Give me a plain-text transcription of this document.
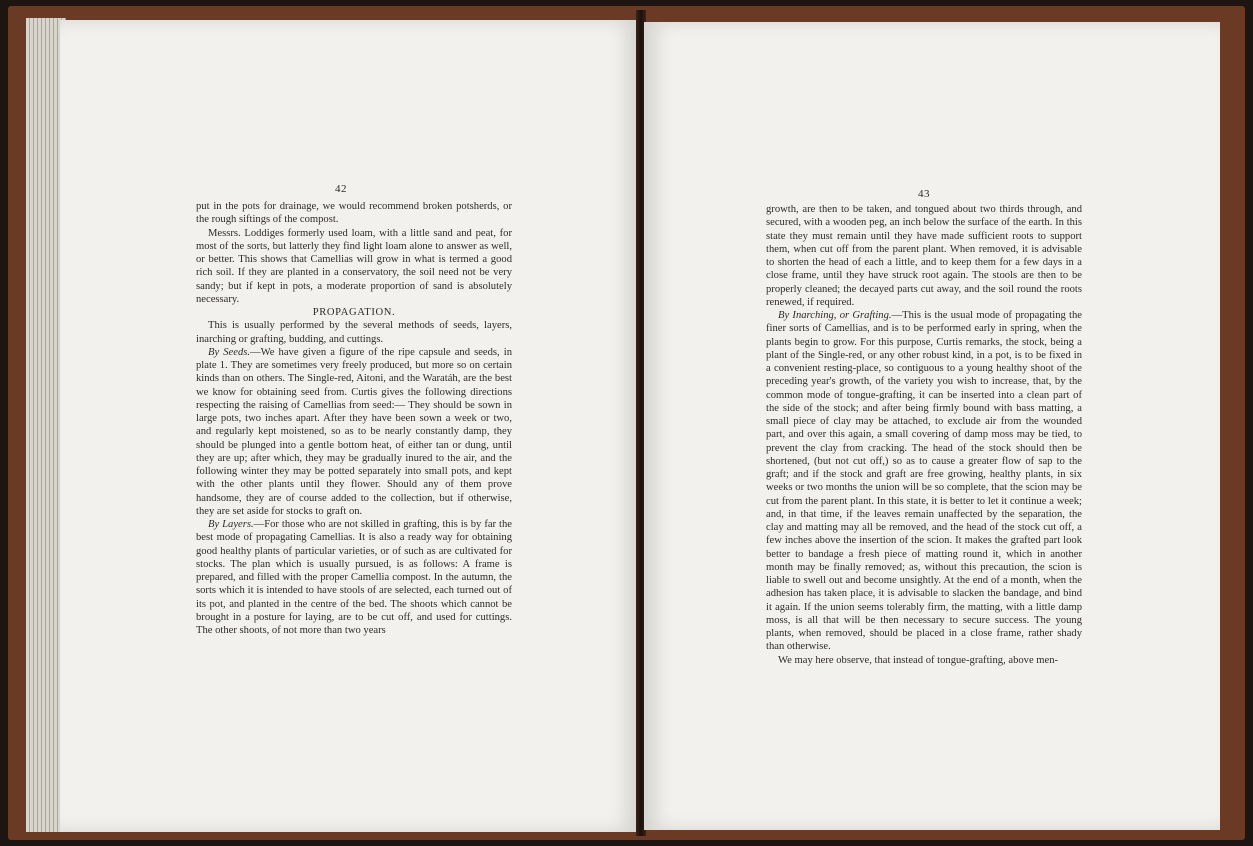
42

put in the pots for drainage, we would recommend broken potsherds, or the rough siftings of the compost.

Messrs. Loddiges formerly used loam, with a little sand and peat, for most of the sorts, but latterly they find light loam alone to answer as well, or better. This shows that Camellias will grow in what is termed a good rich soil. If they are planted in a conservatory, the soil need not be very sandy; but if kept in pots, a moderate proportion of sand is absolutely necessary.

PROPAGATION.

This is usually performed by the several methods of seeds, layers, inarching or grafting, budding, and cuttings.

By Seeds.—We have given a figure of the ripe capsule and seeds, in plate 1. They are sometimes very freely produced, but more so on certain kinds than on others. The Single-red, Aitoni, and the Waratáh, are the best we know for obtaining seed from. Curtis gives the following directions respecting the raising of Camellias from seed:— They should be sown in large pots, two inches apart. After they have been sown a week or two, and regularly kept moistened, so as to be nearly constantly damp, they should be plunged into a gentle bottom heat, of either tan or dung, until they are up; after which, they may be gradually inured to the air, and the following winter they may be potted separately into small pots, and kept with the other plants until they flower. Should any of them prove handsome, they are of course added to the collection, but if otherwise, they are set aside for stocks to graft on.

By Layers.—For those who are not skilled in grafting, this is by far the best mode of propagating Camellias. It is also a ready way for obtaining good healthy plants of particular varieties, or of such as are cultivated for stocks. The plan which is usually pursued, is as follows: A frame is prepared, and filled with the proper Camellia compost. In the autumn, the sorts which it is intended to have stools of are selected, each turned out of its pot, and planted in the centre of the bed. The shoots which cannot be brought in a posture for laying, are to be cut off, and used for cuttings. The other shoots, of not more than two years

43

growth, are then to be taken, and tongued about two thirds through, and secured, with a wooden peg, an inch below the surface of the earth. In this state they must remain until they have made sufficient roots to support them, when cut off from the parent plant. When removed, it is advisable to shorten the head of each a little, and to keep them for a few days in a close frame, until they have struck root again. The stools are then to be properly cleaned; the decayed parts cut away, and the soil round the roots renewed, if required.

By Inarching, or Grafting.—This is the usual mode of propagating the finer sorts of Camellias, and is to be performed early in spring, when the plants begin to grow. For this purpose, Curtis remarks, the stock, being a plant of the Single-red, or any other robust kind, in a pot, is to be fixed in a convenient resting-place, so contiguous to a young healthy shoot of the preceding year's growth, of the variety you wish to increase, that, by the common mode of tongue-grafting, it can be inserted into a clean part of the side of the stock; and after being firmly bound with bass matting, a small piece of clay may be attached, to exclude air from the wounded part, and over this again, a small covering of damp moss may be tied, to prevent the clay from cracking. The head of the stock should then be shortened, (but not cut off,) so as to cause a greater flow of sap to the graft; and if the stock and graft are free growing, healthy plants, in six weeks or two months the union will be so complete, that the scion may be cut from the parent plant. In this state, it is better to let it continue a week; and, in that time, if the leaves remain unaffected by the separation, the clay and matting may all be removed, and the head of the stock cut off, a few inches above the insertion of the scion. It makes the grafted part look better to bandage a fresh piece of matting round it, which in another month may be finally removed; as, without this precaution, the scion is liable to swell out and become unsightly. At the end of a month, when the adhesion has taken place, it is advisable to slacken the bandage, and bind it again. If the union seems tolerably firm, the matting, with a little damp moss, is all that will be then necessary to secure success. The young plants, when removed, should be placed in a close frame, rather shady than otherwise.

We may here observe, that instead of tongue-grafting, above men-
